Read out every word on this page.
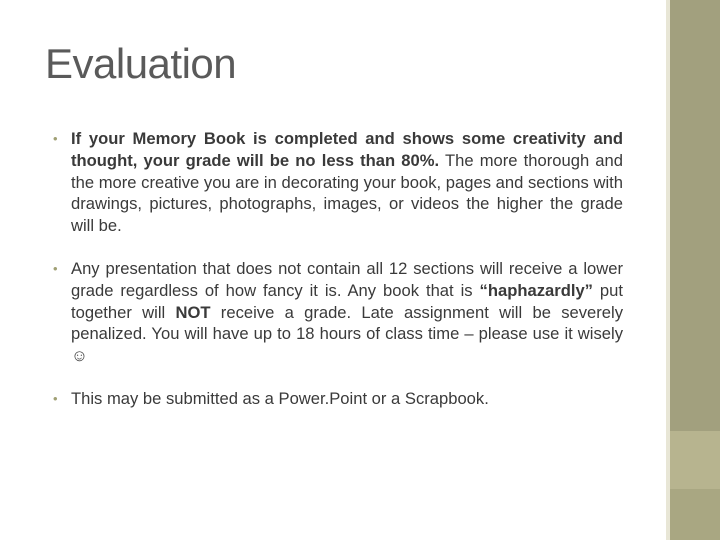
Evaluation

• If your Memory Book is completed and shows some creativity and thought, your grade will be no less than 80%. The more thorough and the more creative you are in decorating your book, pages and sections with drawings, pictures, photographs, images, or videos the higher the grade will be.

• Any presentation that does not contain all 12 sections will receive a lower grade regardless of how fancy it is. Any book that is “haphazardly” put together will NOT receive a grade. Late assignment will be severely penalized. You will have up to 18 hours of class time – please use it wisely☺

• This may be submitted as a Power.Point or a Scrapbook.
